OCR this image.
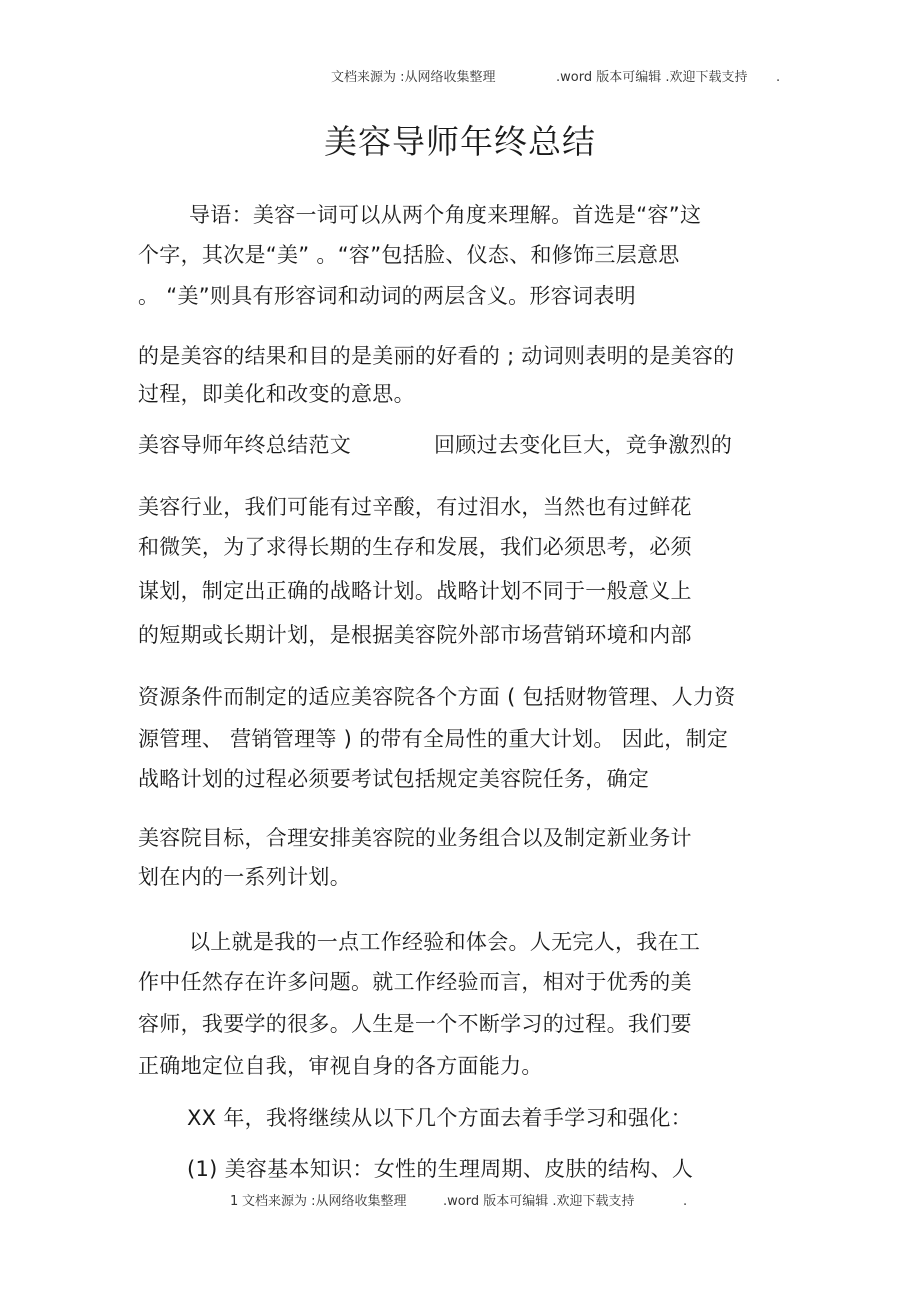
文档来源为 :从网络收集整理	.word 版本可编辑 .欢迎下载支持 .
美容导师年终总结
导语：美容一词可以从两个角度来理解。首选是“容”这
个字，其次是“美” 。“容”包括脸、仪态、和修饰三层意思
。 “美”则具有形容词和动词的两层含义。形容词表明
的是美容的结果和目的是美丽的好看的 ; 动词则表明的是美容的
过程，即美化和改变的意思。
美容导师年终总结范文	回顾过去变化巨大，竞争激烈的
美容行业，我们可能有过辛酸，有过泪水，当然也有过鲜花
和微笑，为了求得长期的生存和发展，我们必须思考，必须
谋划，制定出正确的战略计划。战略计划不同于一般意义上
的短期或长期计划，是根据美容院外部市场营销环境和内部
资源条件而制定的适应美容院各个方面 ( 包括财物管理、人力资
源管理、 营销管理等 ) 的带有全局性的重大计划。 因此，制定
战略计划的过程必须要考试包括规定美容院任务，确定
美容院目标，合理安排美容院的业务组合以及制定新业务计
划在内的一系列计划。
以上就是我的一点工作经验和体会。人无完人，我在工
作中任然存在许多问题。就工作经验而言，相对于优秀的美
容师，我要学的很多。人生是一个不断学习的过程。我们要
正确地定位自我，审视自身的各方面能力。
XX 年，我将继续从以下几个方面去着手学习和强化：
(1) 美容基本知识：女性的生理周期、皮肤的结构、人
1 文档来源为 :从网络收集整理	.word 版本可编辑 .欢迎下载支持	.
